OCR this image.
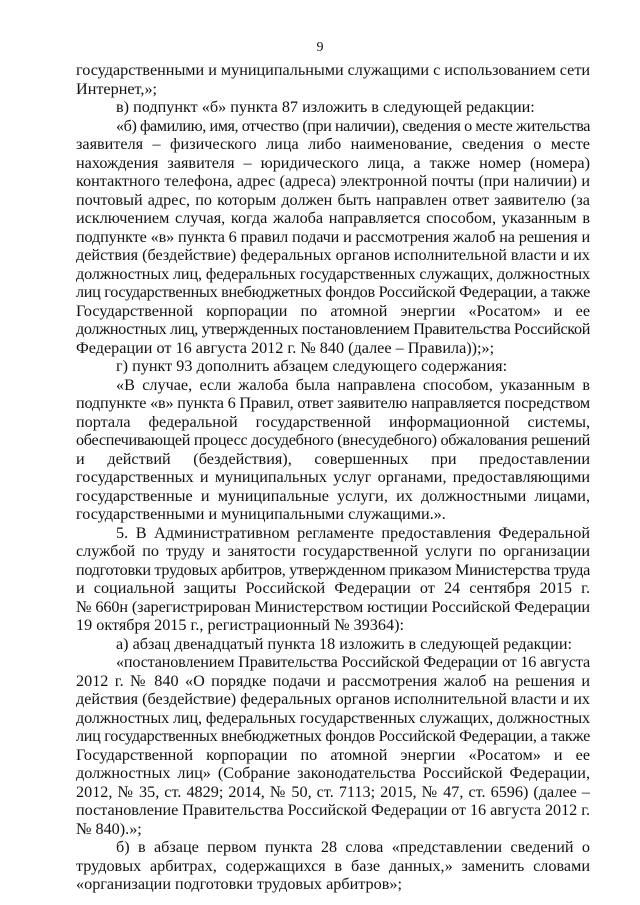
9
государственными и муниципальными служащими с использованием сети
Интернет,»;
в) подпункт «б» пункта 87 изложить в следующей редакции:
«б) фамилию, имя, отчество (при наличии), сведения о месте жительства
заявителя – физического лица либо наименование, сведения о месте
нахождения заявителя – юридического лица, а также номер (номера)
контактного телефона, адрес (адреса) электронной почты (при наличии) и
почтовый адрес, по которым должен быть направлен ответ заявителю (за
исключением случая, когда жалоба направляется способом, указанным в
подпункте «в» пункта 6 правил подачи и рассмотрения жалоб на решения и
действия (бездействие) федеральных органов исполнительной власти и их
должностных лиц, федеральных государственных служащих, должностных
лиц государственных внебюджетных фондов Российской Федерации, а также
Государственной корпорации по атомной энергии «Росатом» и ее
должностных лиц, утвержденных постановлением Правительства Российской
Федерации от 16 августа 2012 г. № 840 (далее – Правила));»;
г) пункт 93 дополнить абзацем следующего содержания:
«В случае, если жалоба была направлена способом, указанным в
подпункте «в» пункта 6 Правил, ответ заявителю направляется посредством
портала федеральной государственной информационной системы,
обеспечивающей процесс досудебного (внесудебного) обжалования решений
и действий (бездействия), совершенных при предоставлении
государственных и муниципальных услуг органами, предоставляющими
государственные и муниципальные услуги, их должностными лицами,
государственными и муниципальными служащими.».
5. В Административном регламенте предоставления Федеральной
службой по труду и занятости государственной услуги по организации
подготовки трудовых арбитров, утвержденном приказом Министерства труда
и социальной защиты Российской Федерации от 24 сентября 2015 г.
№ 660н (зарегистрирован Министерством юстиции Российской Федерации
19 октября 2015 г., регистрационный № 39364):
а) абзац двенадцатый пункта 18 изложить в следующей редакции:
«постановлением Правительства Российской Федерации от 16 августа
2012 г. № 840 «О порядке подачи и рассмотрения жалоб на решения и
действия (бездействие) федеральных органов исполнительной власти и их
должностных лиц, федеральных государственных служащих, должностных
лиц государственных внебюджетных фондов Российской Федерации, а также
Государственной корпорации по атомной энергии «Росатом» и ее
должностных лиц» (Собрание законодательства Российской Федерации,
2012, № 35, ст. 4829; 2014, № 50, ст. 7113; 2015, № 47, ст. 6596) (далее –
постановление Правительства Российской Федерации от 16 августа 2012 г.
№ 840).»;
б) в абзаце первом пункта 28 слова «представлении сведений о
трудовых арбитрах, содержащихся в базе данных,» заменить словами
«организации подготовки трудовых арбитров»;
